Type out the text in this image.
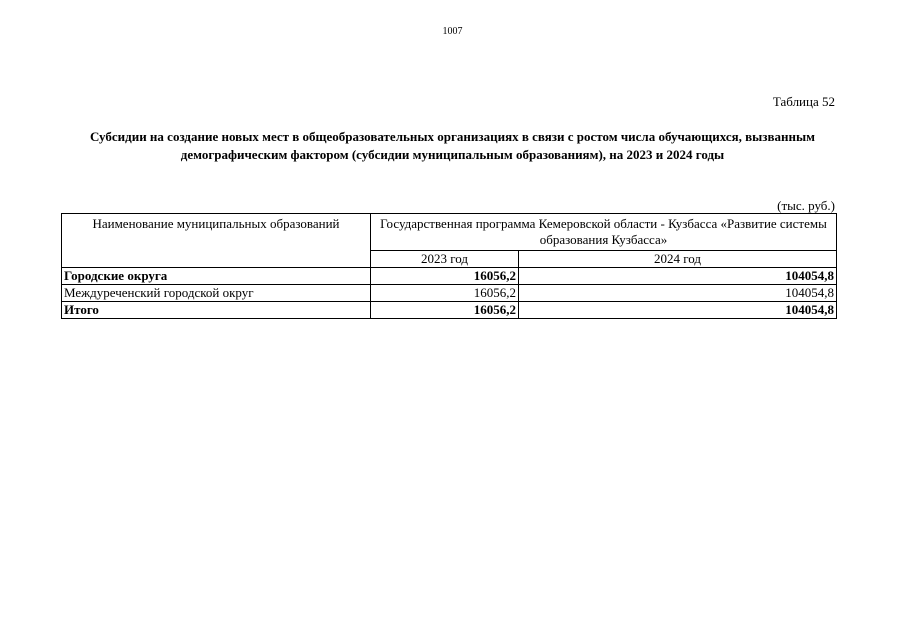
1007
Таблица 52
Субсидии на создание новых мест в общеобразовательных организациях в связи с ростом числа обучающихся, вызванным демографическим фактором (субсидии муниципальным образованиям), на 2023 и 2024 годы
(тыс. руб.)
Наименование муниципальных образований	Государственная программа Кемеровской области - Кузбасса «Развитие системы образования Кузбасса»	
	2023 год	2024 год
Городские округа	16056,2	104054,8
Междуреченский городской округ	16056,2	104054,8
Итого	16056,2	104054,8
